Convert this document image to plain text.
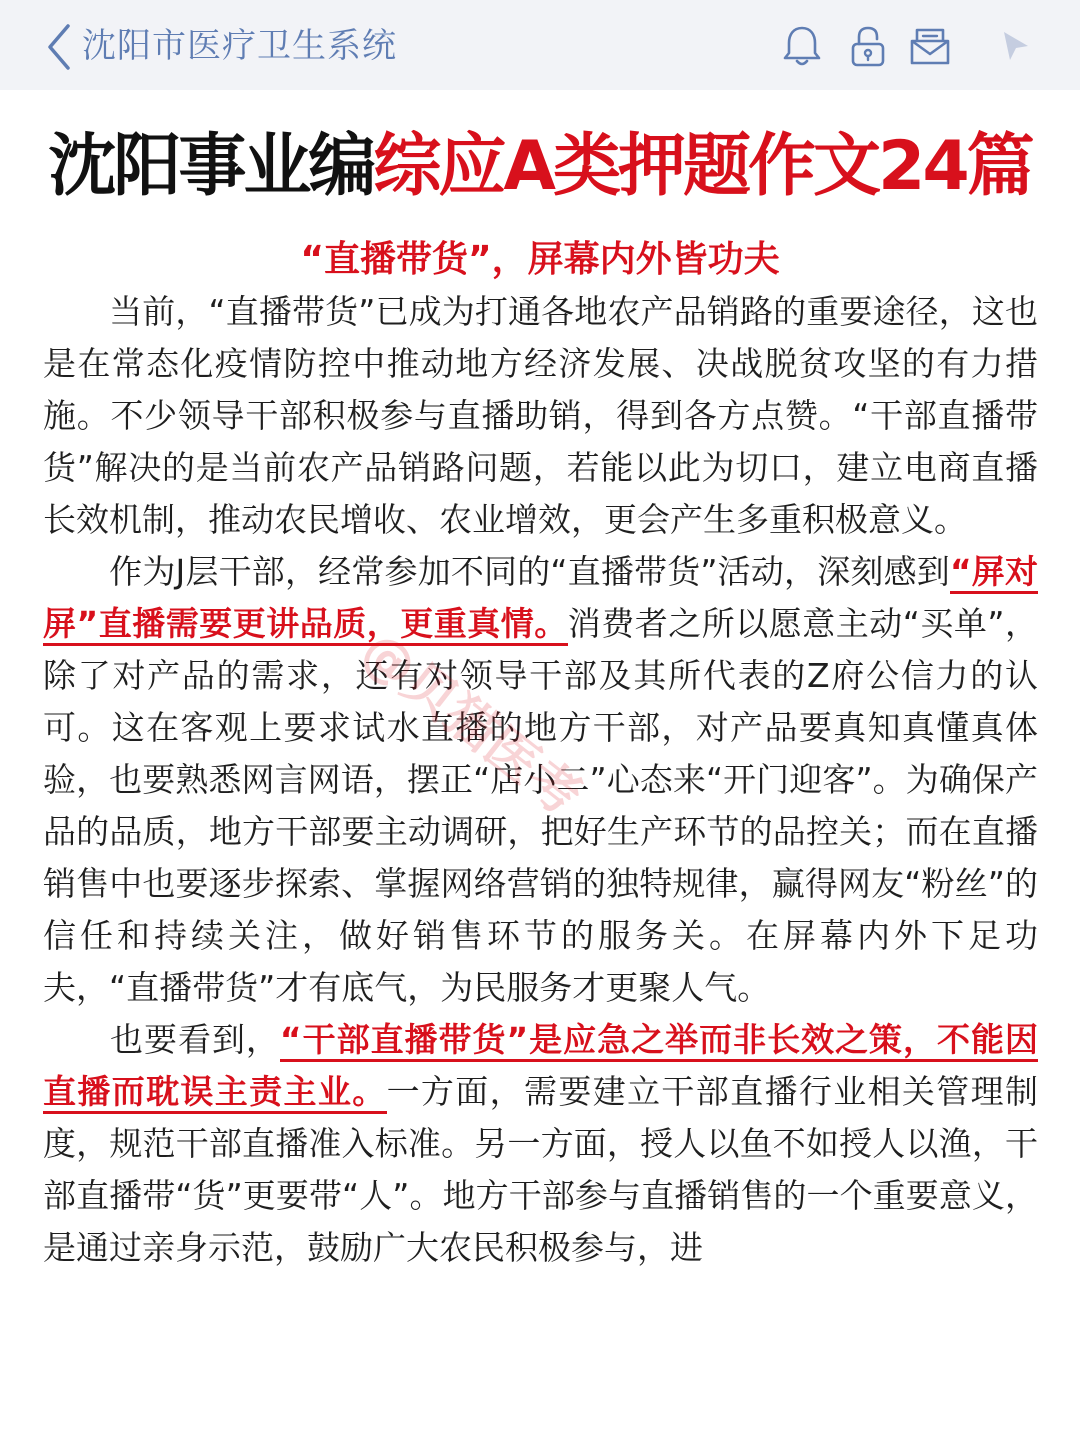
沈阳市医疗卫生系统
沈阳事业编综应A类押题作文24篇
“直播带货”，屏幕内外皆功夫

当前，“直播带货”已成为打通各地农产品销路的重要途径，这也是在常态化疫情防控中推动地方经济发展、决战脱贫攻坚的有力措施。不少领导干部积极参与直播助销，得到各方点赞。“干部直播带货”解决的是当前农产品销路问题，若能以此为切口，建立电商直播长效机制，推动农民增收、农业增效，更会产生多重积极意义。

作为J层干部，经常参加不同的“直播带货”活动，深刻感到“屏对屏”直播需要更讲品质，更重真情。消费者之所以愿意主动“买单”，除了对产品的需求，还有对领导干部及其所代表的Z府公信力的认可。这在客观上要求试水直播的地方干部，对产品要真知真懂真体验，也要熟悉网言网语，摆正“店小二”心态来“开门迎客”。为确保产品的品质，地方干部要主动调研，把好生产环节的品控关；而在直播销售中也要逐步探索、掌握网络营销的独特规律，赢得网友“粉丝”的信任和持续关注，做好销售环节的服务关。在屏幕内外下足功夫，“直播带货”才有底气，为民服务才更聚人气。

也要看到，“干部直播带货”是应急之举而非长效之策，不能因直播而耽误主责主业。一方面，需要建立干部直播行业相关管理制度，规范干部直播准入标准。另一方面，授人以鱼不如授人以渔，干部直播带“货”更要带“人”。地方干部参与直播销售的一个重要意义，是通过亲身示范，鼓励广大农民积极参与，进
